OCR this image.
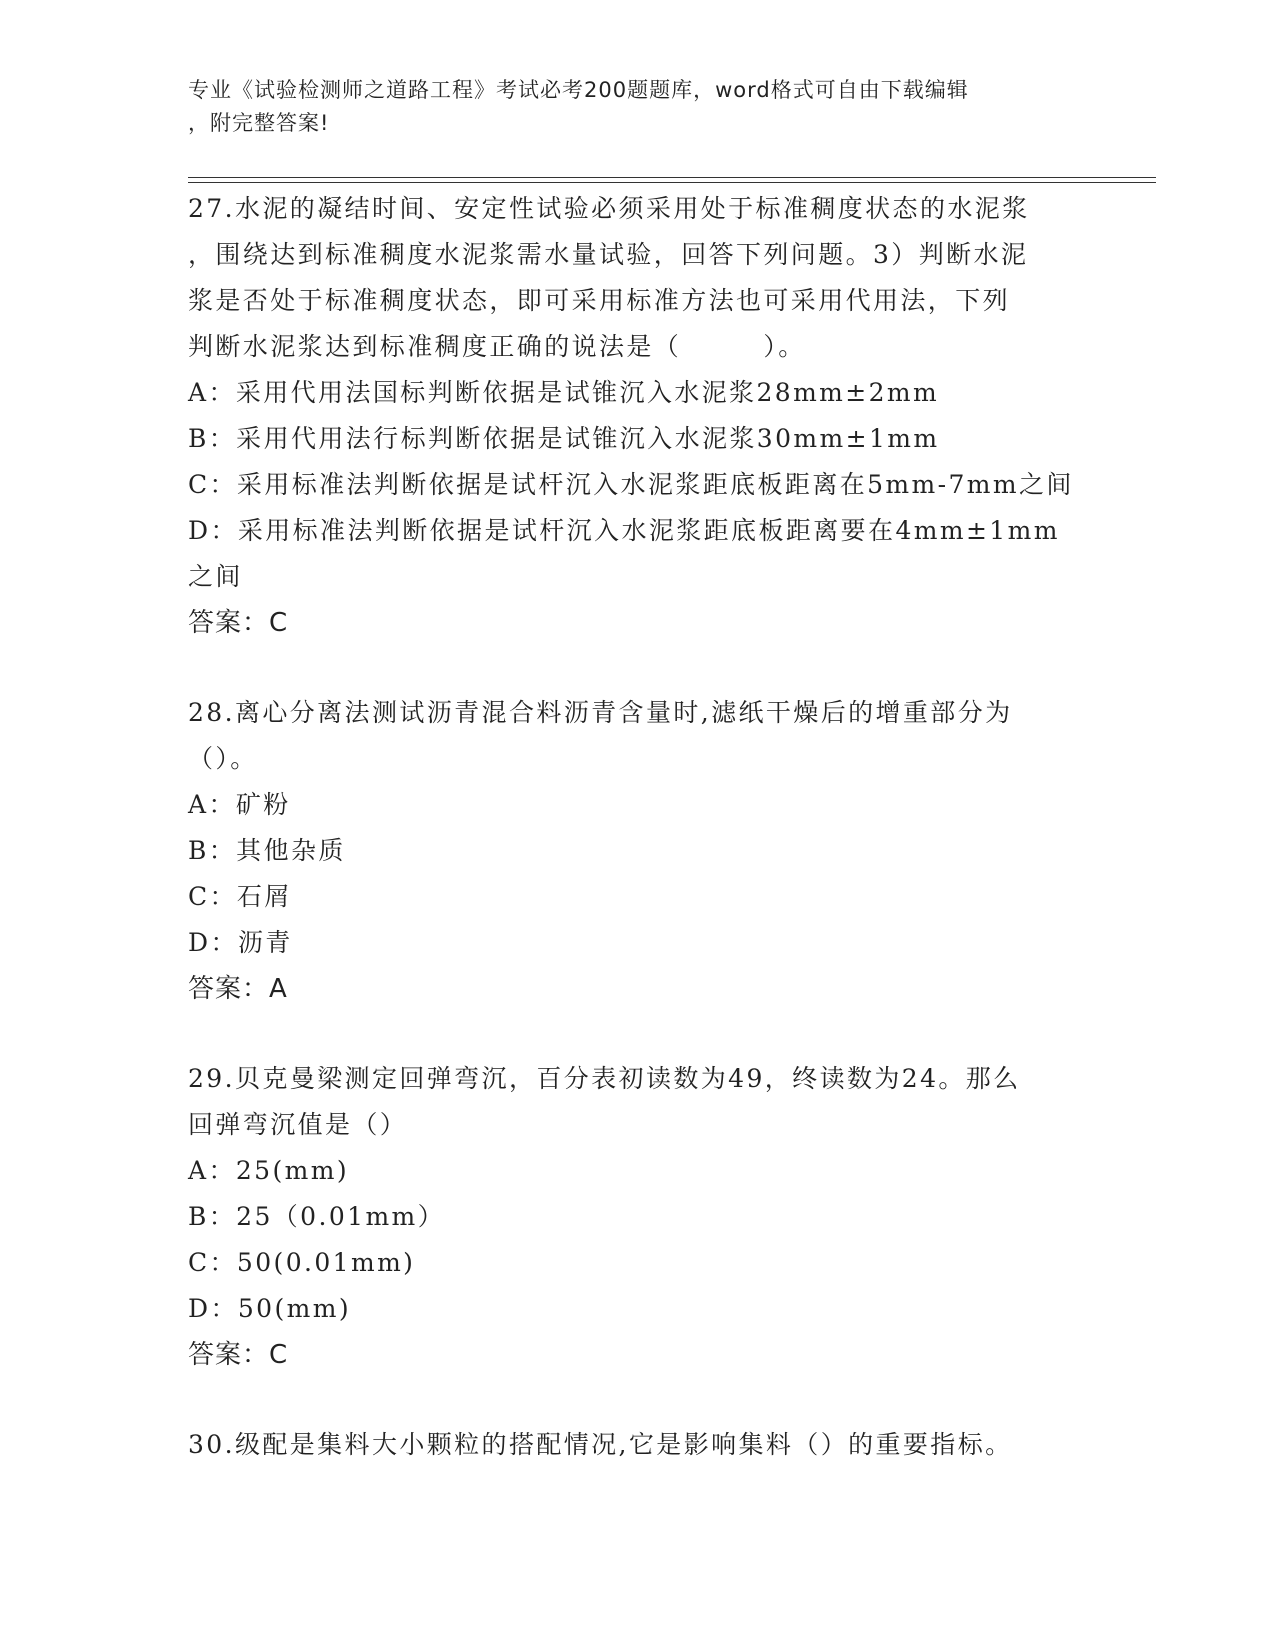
专业《试验检测师之道路工程》考试必考200题题库，word格式可自由下载编辑
，附完整答案!
27.水泥的凝结时间、安定性试验必须采用处于标准稠度状态的水泥浆
，围绕达到标准稠度水泥浆需水量试验，回答下列问题。3）判断水泥
浆是否处于标准稠度状态，即可采用标准方法也可采用代用法，下列
判断水泥浆达到标准稠度正确的说法是（　　　）。
A：采用代用法国标判断依据是试锥沉入水泥浆28mm±2mm
B：采用代用法行标判断依据是试锥沉入水泥浆30mm±1mm
C：采用标准法判断依据是试杆沉入水泥浆距底板距离在5mm-7mm之间
D：采用标准法判断依据是试杆沉入水泥浆距底板距离要在4mm±1mm
之间
答案：C
28.离心分离法测试沥青混合料沥青含量时,滤纸干燥后的增重部分为
（）。
A：矿粉
B：其他杂质
C：石屑
D：沥青
答案：A
29.贝克曼梁测定回弹弯沉，百分表初读数为49，终读数为24。那么
回弹弯沉值是（）
A：25(mm)
B：25（0.01mm）
C：50(0.01mm)
D：50(mm)
答案：C
30.级配是集料大小颗粒的搭配情况,它是影响集料（）的重要指标。
